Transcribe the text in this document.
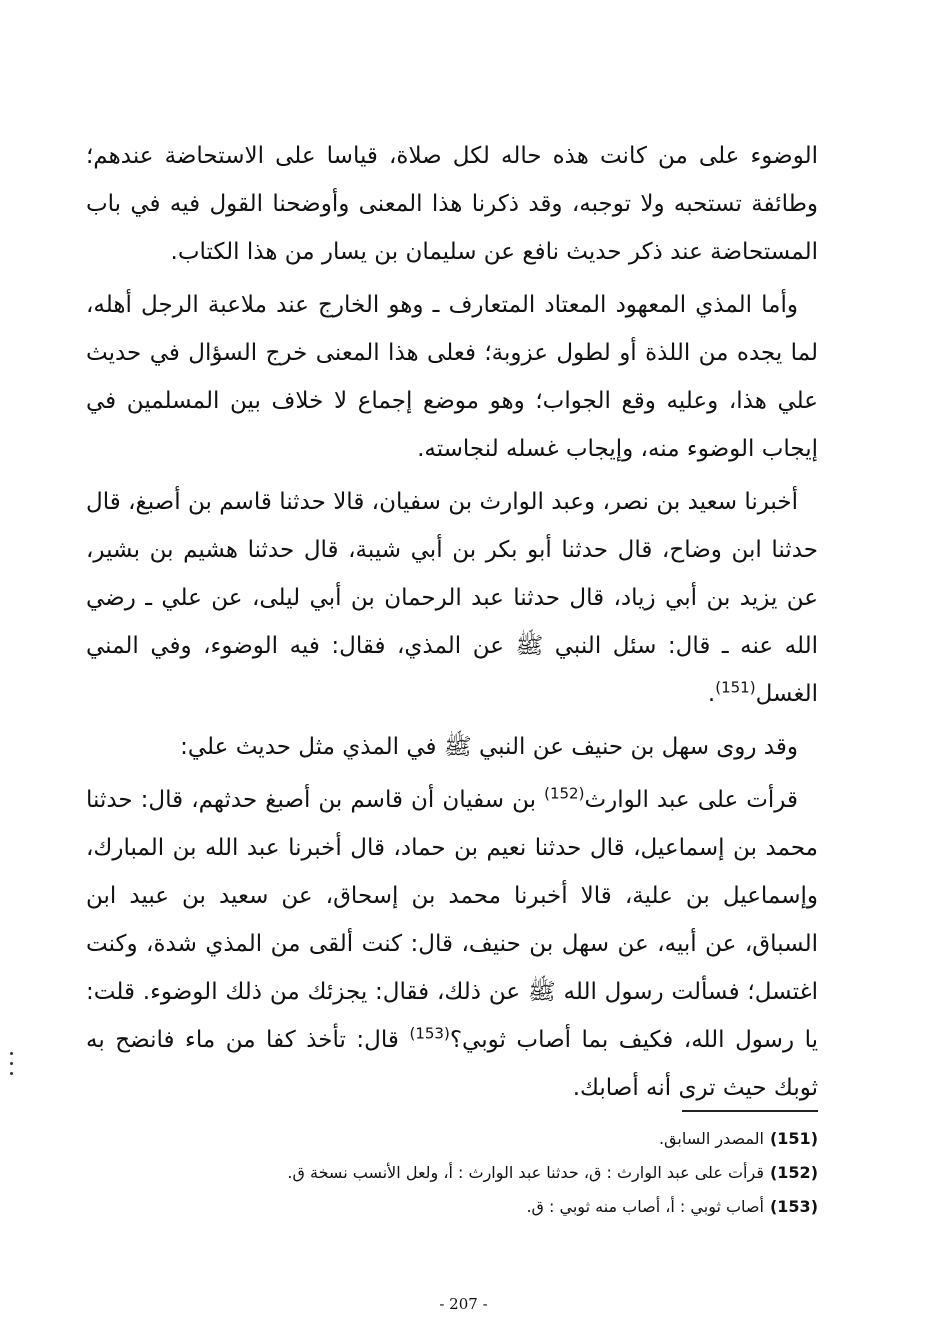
الوضوء على من كانت هذه حاله لكل صلاة، قياسا على الاستحاضة عندهم؛ وطائفة تستحبه ولا توجبه، وقد ذكرنا هذا المعنى وأوضحنا القول فيه في باب المستحاضة عند ذكر حديث نافع عن سليمان بن يسار من هذا الكتاب.

وأما المذي المعهود المعتاد المتعارف ـ وهو الخارج عند ملاعبة الرجل أهله، لما يجده من اللذة أو لطول عزوبة؛ فعلى هذا المعنى خرج السؤال في حديث علي هذا، وعليه وقع الجواب؛ وهو موضع إجماع لا خلاف بين المسلمين في إيجاب الوضوء منه، وإيجاب غسله لنجاسته.

أخبرنا سعيد بن نصر، وعبد الوارث بن سفيان، قالا حدثنا قاسم بن أصبغ، قال حدثنا ابن وضاح، قال حدثنا أبو بكر بن أبي شيبة، قال حدثنا هشيم بن بشير، عن يزيد بن أبي زياد، قال حدثنا عبد الرحمان بن أبي ليلى، عن علي ـ رضي الله عنه ـ قال: سئل النبي ﷺ عن المذي، فقال: فيه الوضوء، وفي المني الغسل$^{(151)}$.

وقد روى سهل بن حنيف عن النبي ﷺ في المذي مثل حديث علي:

قرأت على عبد الوارث$^{(152)}$ بن سفيان أن قاسم بن أصبغ حدثهم، قال: حدثنا محمد بن إسماعيل، قال حدثنا نعيم بن حماد، قال أخبرنا عبد الله بن المبارك، وإسماعيل بن علية، قالا أخبرنا محمد بن إسحاق، عن سعيد بن عبيد ابن السباق، عن أبيه، عن سهل بن حنيف، قال: كنت ألقى من المذي شدة، وكنت اغتسل؛ فسألت رسول الله ﷺ عن ذلك، فقال: يجزئك من ذلك الوضوء. قلت: يا رسول الله، فكيف بما أصاب ثوبي؟$^{(153)}$ قال: تأخذ كفا من ماء فانضح به ثوبك حيث ترى أنه أصابك.

(151)المصدر السابق.

(152)قرأت على عبد الوارث : ق، حدثنا عبد الوارث : أ، ولعل الأنسب نسخة ق.

(153)أصاب ثوبي : أ، أصاب منه ثوبي : ق.

- 207 -
